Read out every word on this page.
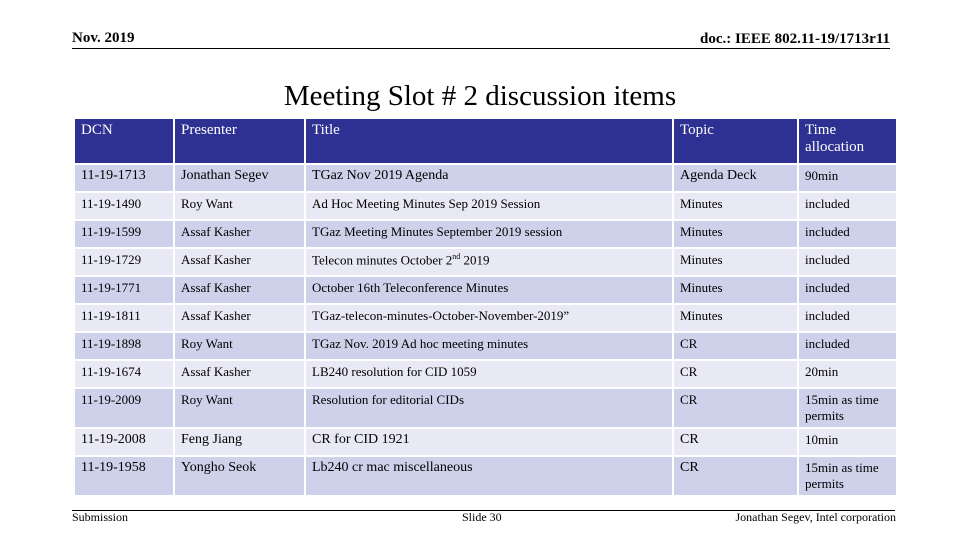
Nov. 2019	doc.: IEEE 802.11-19/1713r11
Meeting Slot # 2 discussion items
DCN	Presenter	Title	Topic	Time allocation
11-19-1713	Jonathan Segev	TGaz Nov 2019 Agenda	Agenda Deck	90min
11-19-1490	Roy Want	Ad Hoc Meeting Minutes Sep 2019 Session	Minutes	included
11-19-1599	Assaf Kasher	TGaz Meeting Minutes September 2019 session	Minutes	included
11-19-1729	Assaf Kasher	Telecon minutes October 2nd 2019	Minutes	included
11-19-1771	Assaf Kasher	October 16th Teleconference Minutes	Minutes	included
11-19-1811	Assaf Kasher	TGaz-telecon-minutes-October-November-2019”	Minutes	included
11-19-1898	Roy Want	TGaz Nov. 2019 Ad hoc meeting minutes	CR	included
11-19-1674	Assaf Kasher	LB240 resolution for CID 1059	CR	20min
11-19-2009	Roy Want	Resolution for editorial CIDs	CR	15min as time permits
11-19-2008	Feng Jiang	CR for CID 1921	CR	10min
11-19-1958	Yongho Seok	Lb240 cr mac miscellaneous	CR	15min as time permits
Submission	Slide 30	Jonathan Segev, Intel corporation
